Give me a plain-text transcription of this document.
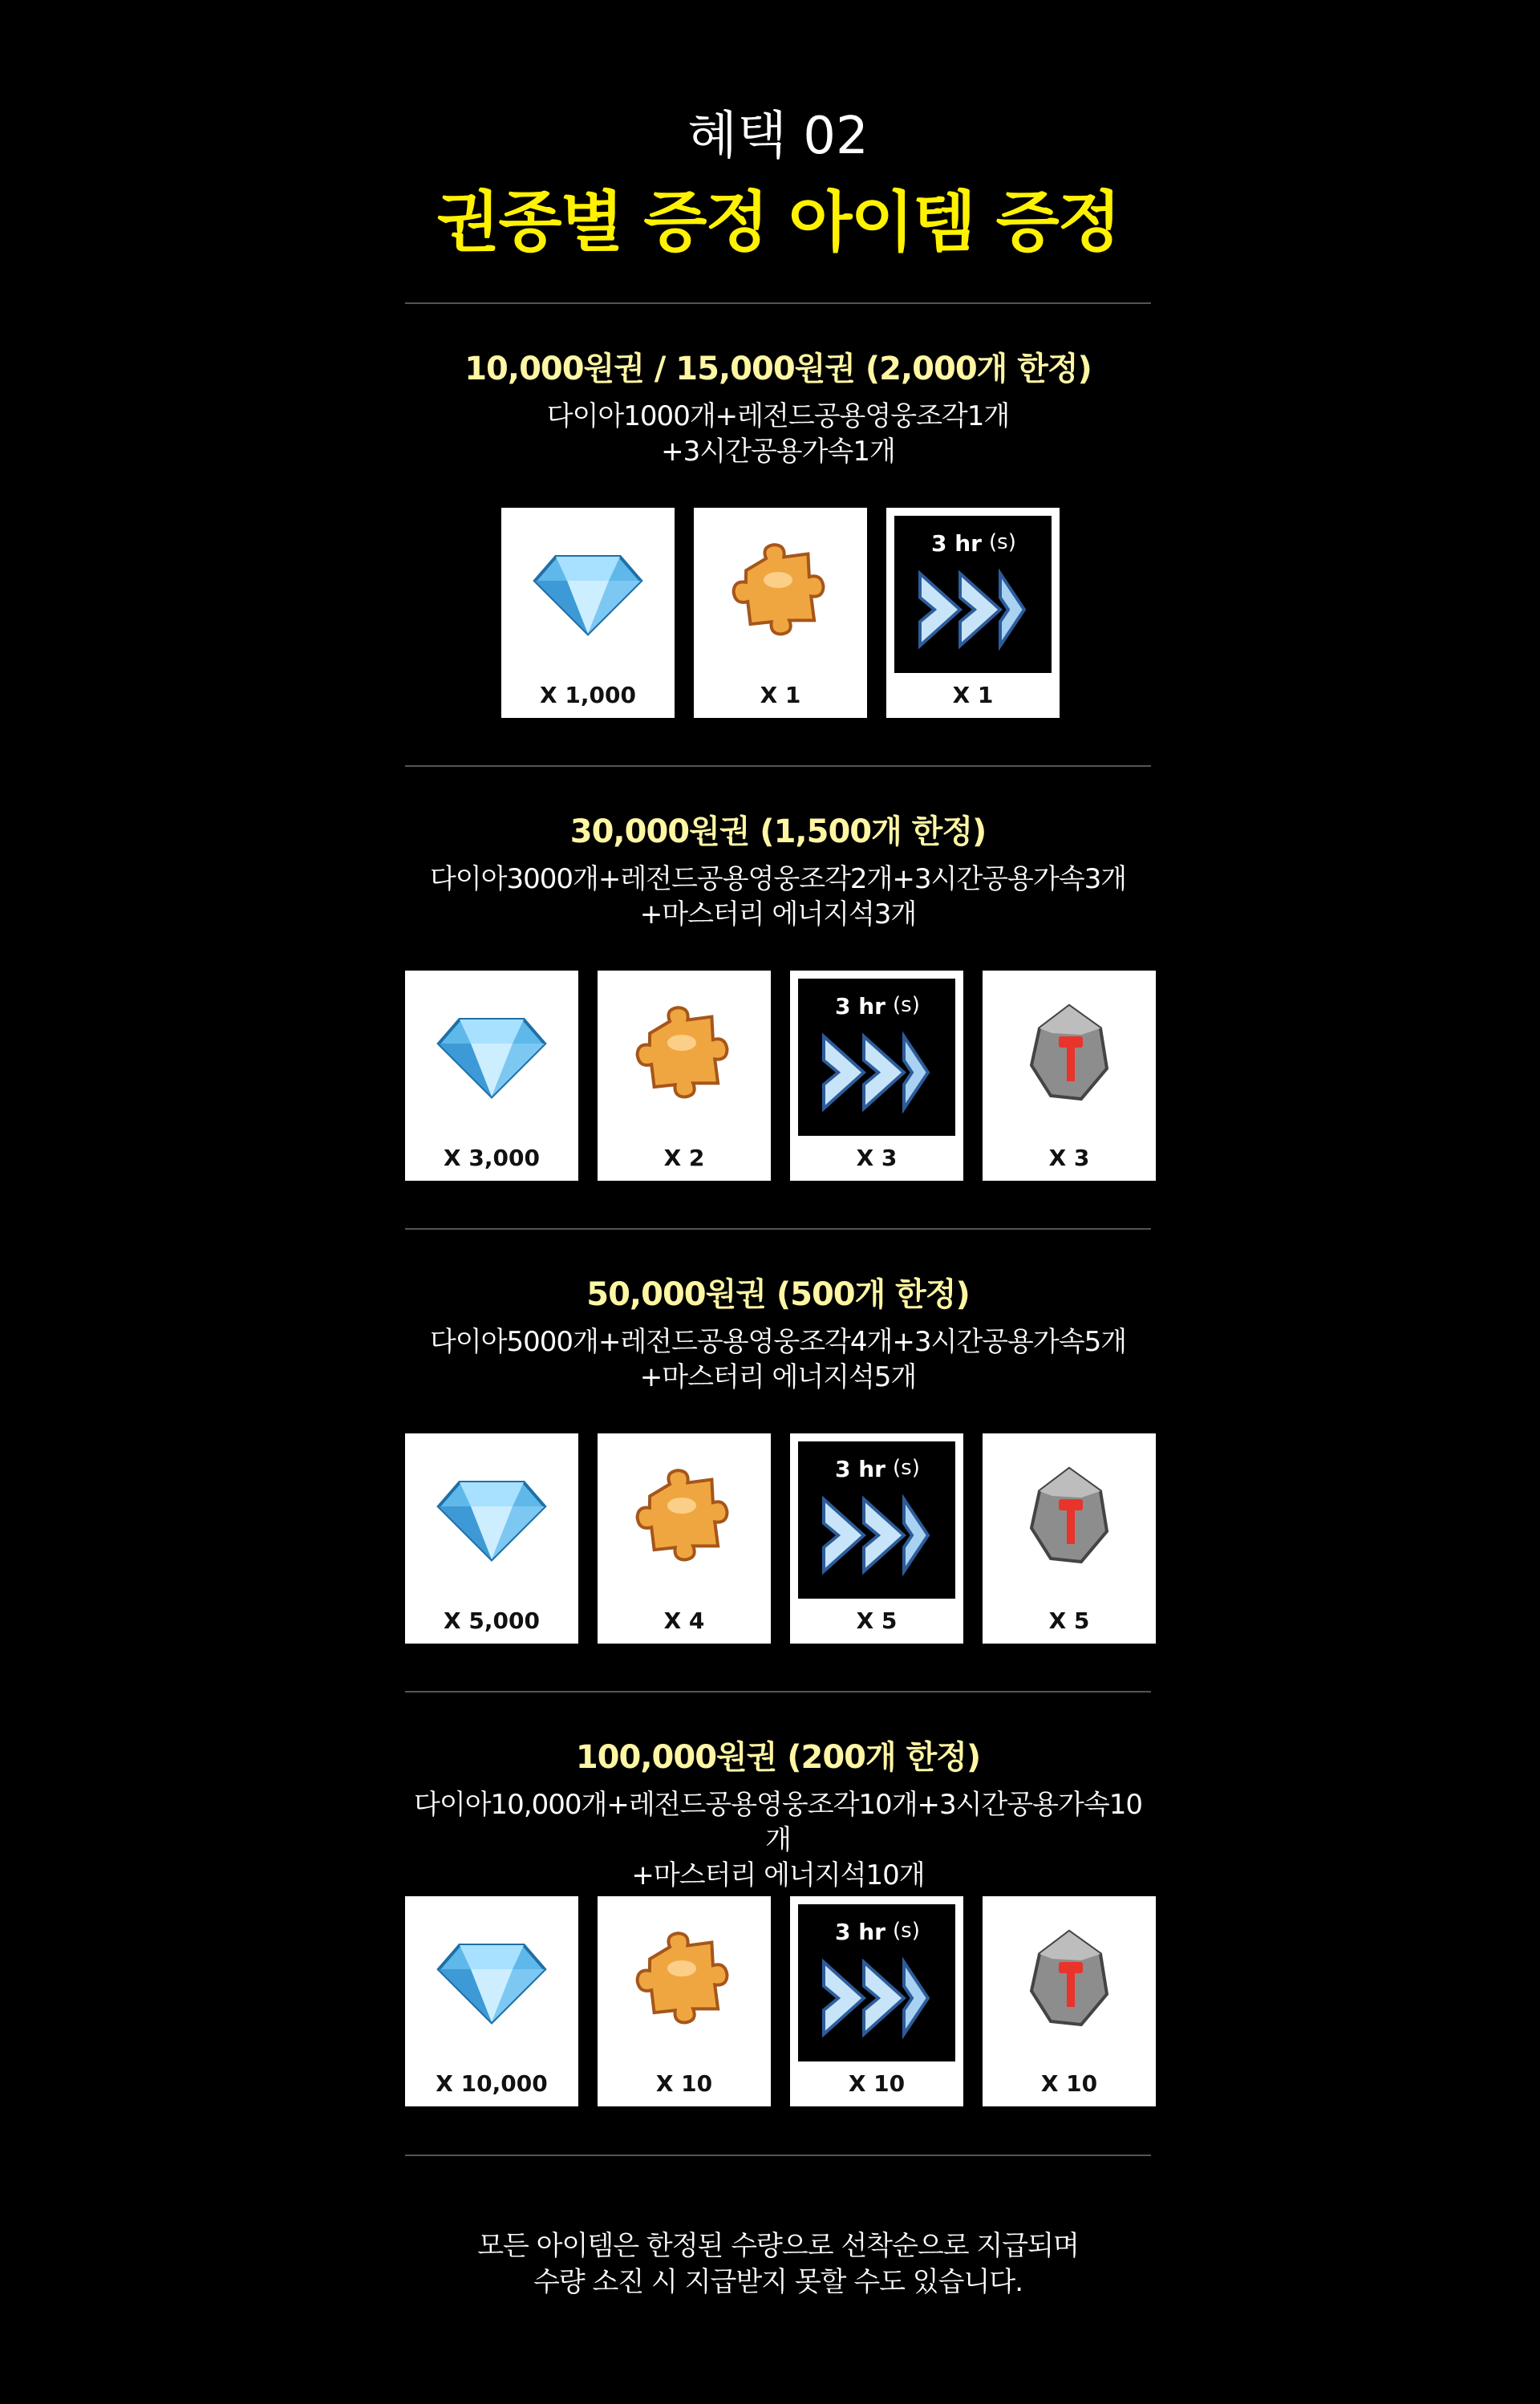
혜택 02
권종별 증정 아이템 증정
10,000원권 / 15,000원권 (2,000개 한정)
다이아1000개+레전드공용영웅조각1개
+3시간공용가속1개
X 1,000	X 1
3 hr (s)
X 1
30,000원권 (1,500개 한정)
다이아3000개+레전드공용영웅조각2개+3시간공용가속3개
+마스터리 에너지석3개
X 3,000	X 2
3 hr (s)
X 3	X 3
50,000원권 (500개 한정)
다이아5000개+레전드공용영웅조각4개+3시간공용가속5개
+마스터리 에너지석5개
X 5,000	X 4
3 hr (s)
X 5	X 5
100,000원권 (200개 한정)
다이아10,000개+레전드공용영웅조각10개+3시간공용가속10개
+마스터리 에너지석10개
X 10,000	X 10
3 hr (s)
X 10	X 10
모든 아이템은 한정된 수량으로 선착순으로 지급되며
수량 소진 시 지급받지 못할 수도 있습니다.
